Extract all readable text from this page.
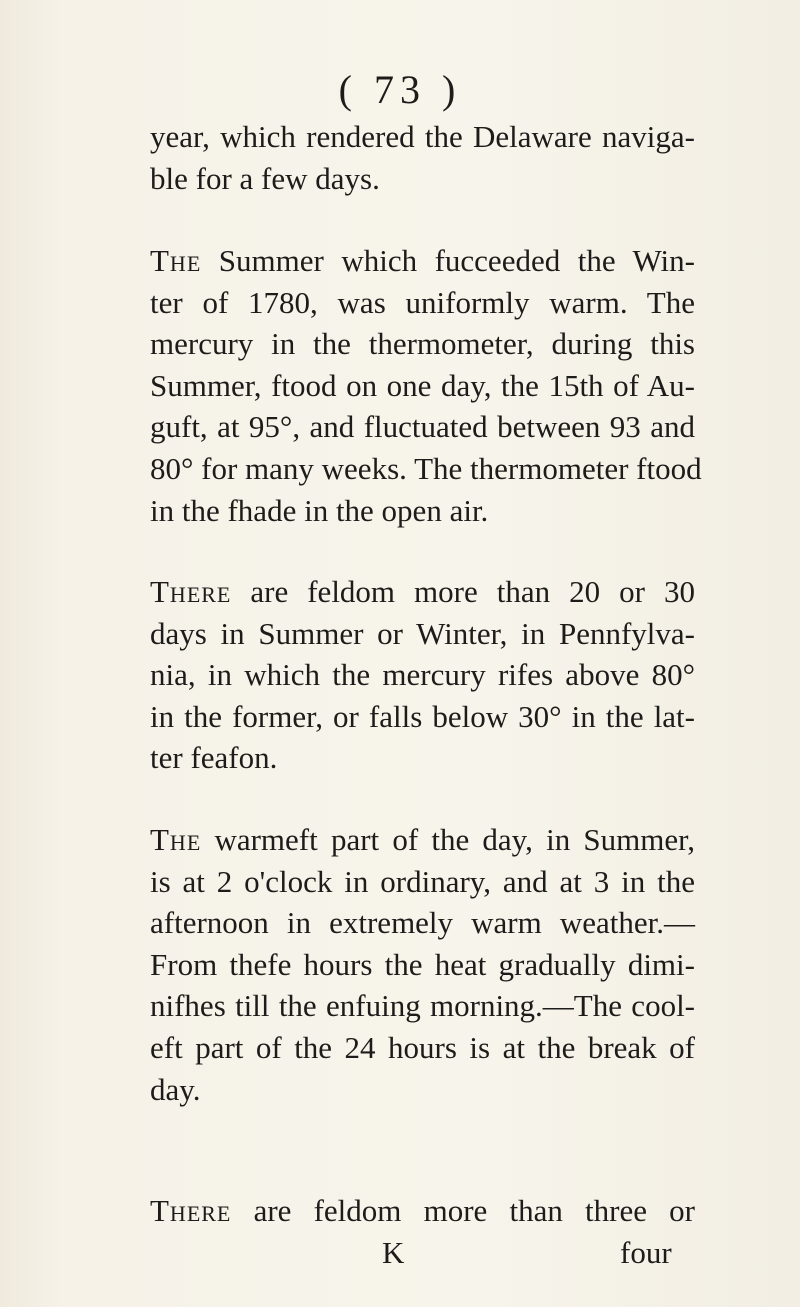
( 73 )
year, which rendered the Delaware naviga-
ble for a few days.
The Summer which fucceeded the Win-
ter of 1780, was uniformly warm. The
mercury in the thermometer, during this
Summer, ftood on one day, the 15th of Au-
guft, at 95°, and fluctuated between 93 and
80° for many weeks. The thermometer ftood
in the fhade in the open air.
There are feldom more than 20 or 30
days in Summer or Winter, in Pennfylva-
nia, in which the mercury rifes above 80°
in the former, or falls below 30° in the lat-
ter feafon.
The warmeft part of the day, in Summer,
is at 2 o'clock in ordinary, and at 3 in the
afternoon in extremely warm weather.—
From thefe hours the heat gradually dimi-
nifhes till the enfuing morning.—The cool-
eft part of the 24 hours is at the break of
day.
There are feldom more than three or
K	four
